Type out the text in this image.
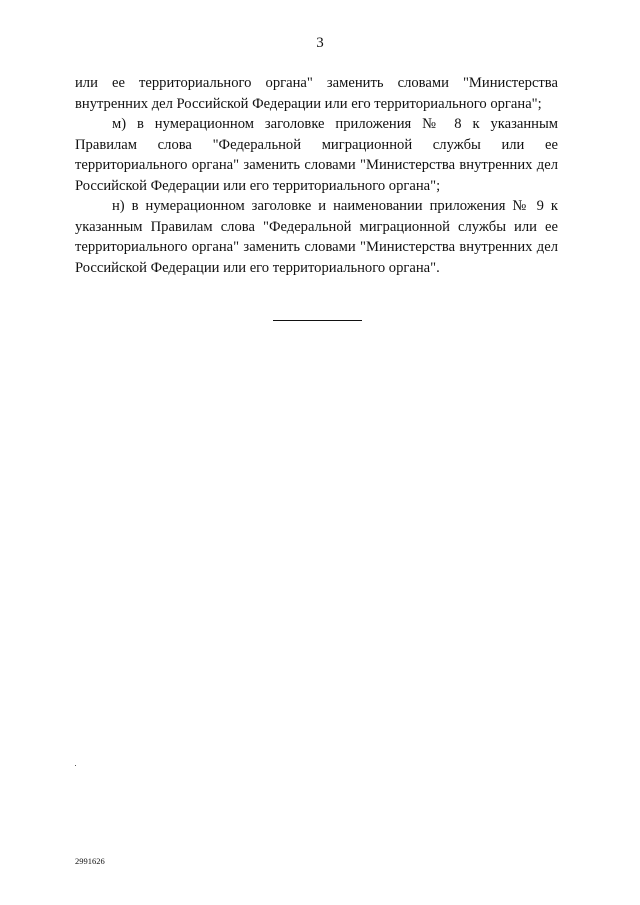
3

или ее территориального органа" заменить словами "Министерства внутренних дел Российской Федерации или его территориального органа";

м) в нумерационном заголовке приложения № 8 к указанным Правилам слова "Федеральной миграционной службы или ее территориального органа" заменить словами "Министерства внутренних дел Российской Федерации или его территориального органа";

н) в нумерационном заголовке и наименовании приложения № 9 к указанным Правилам слова "Федеральной миграционной службы или ее территориального органа" заменить словами "Министерства внутренних дел Российской Федерации или его территориального органа".

2991626
